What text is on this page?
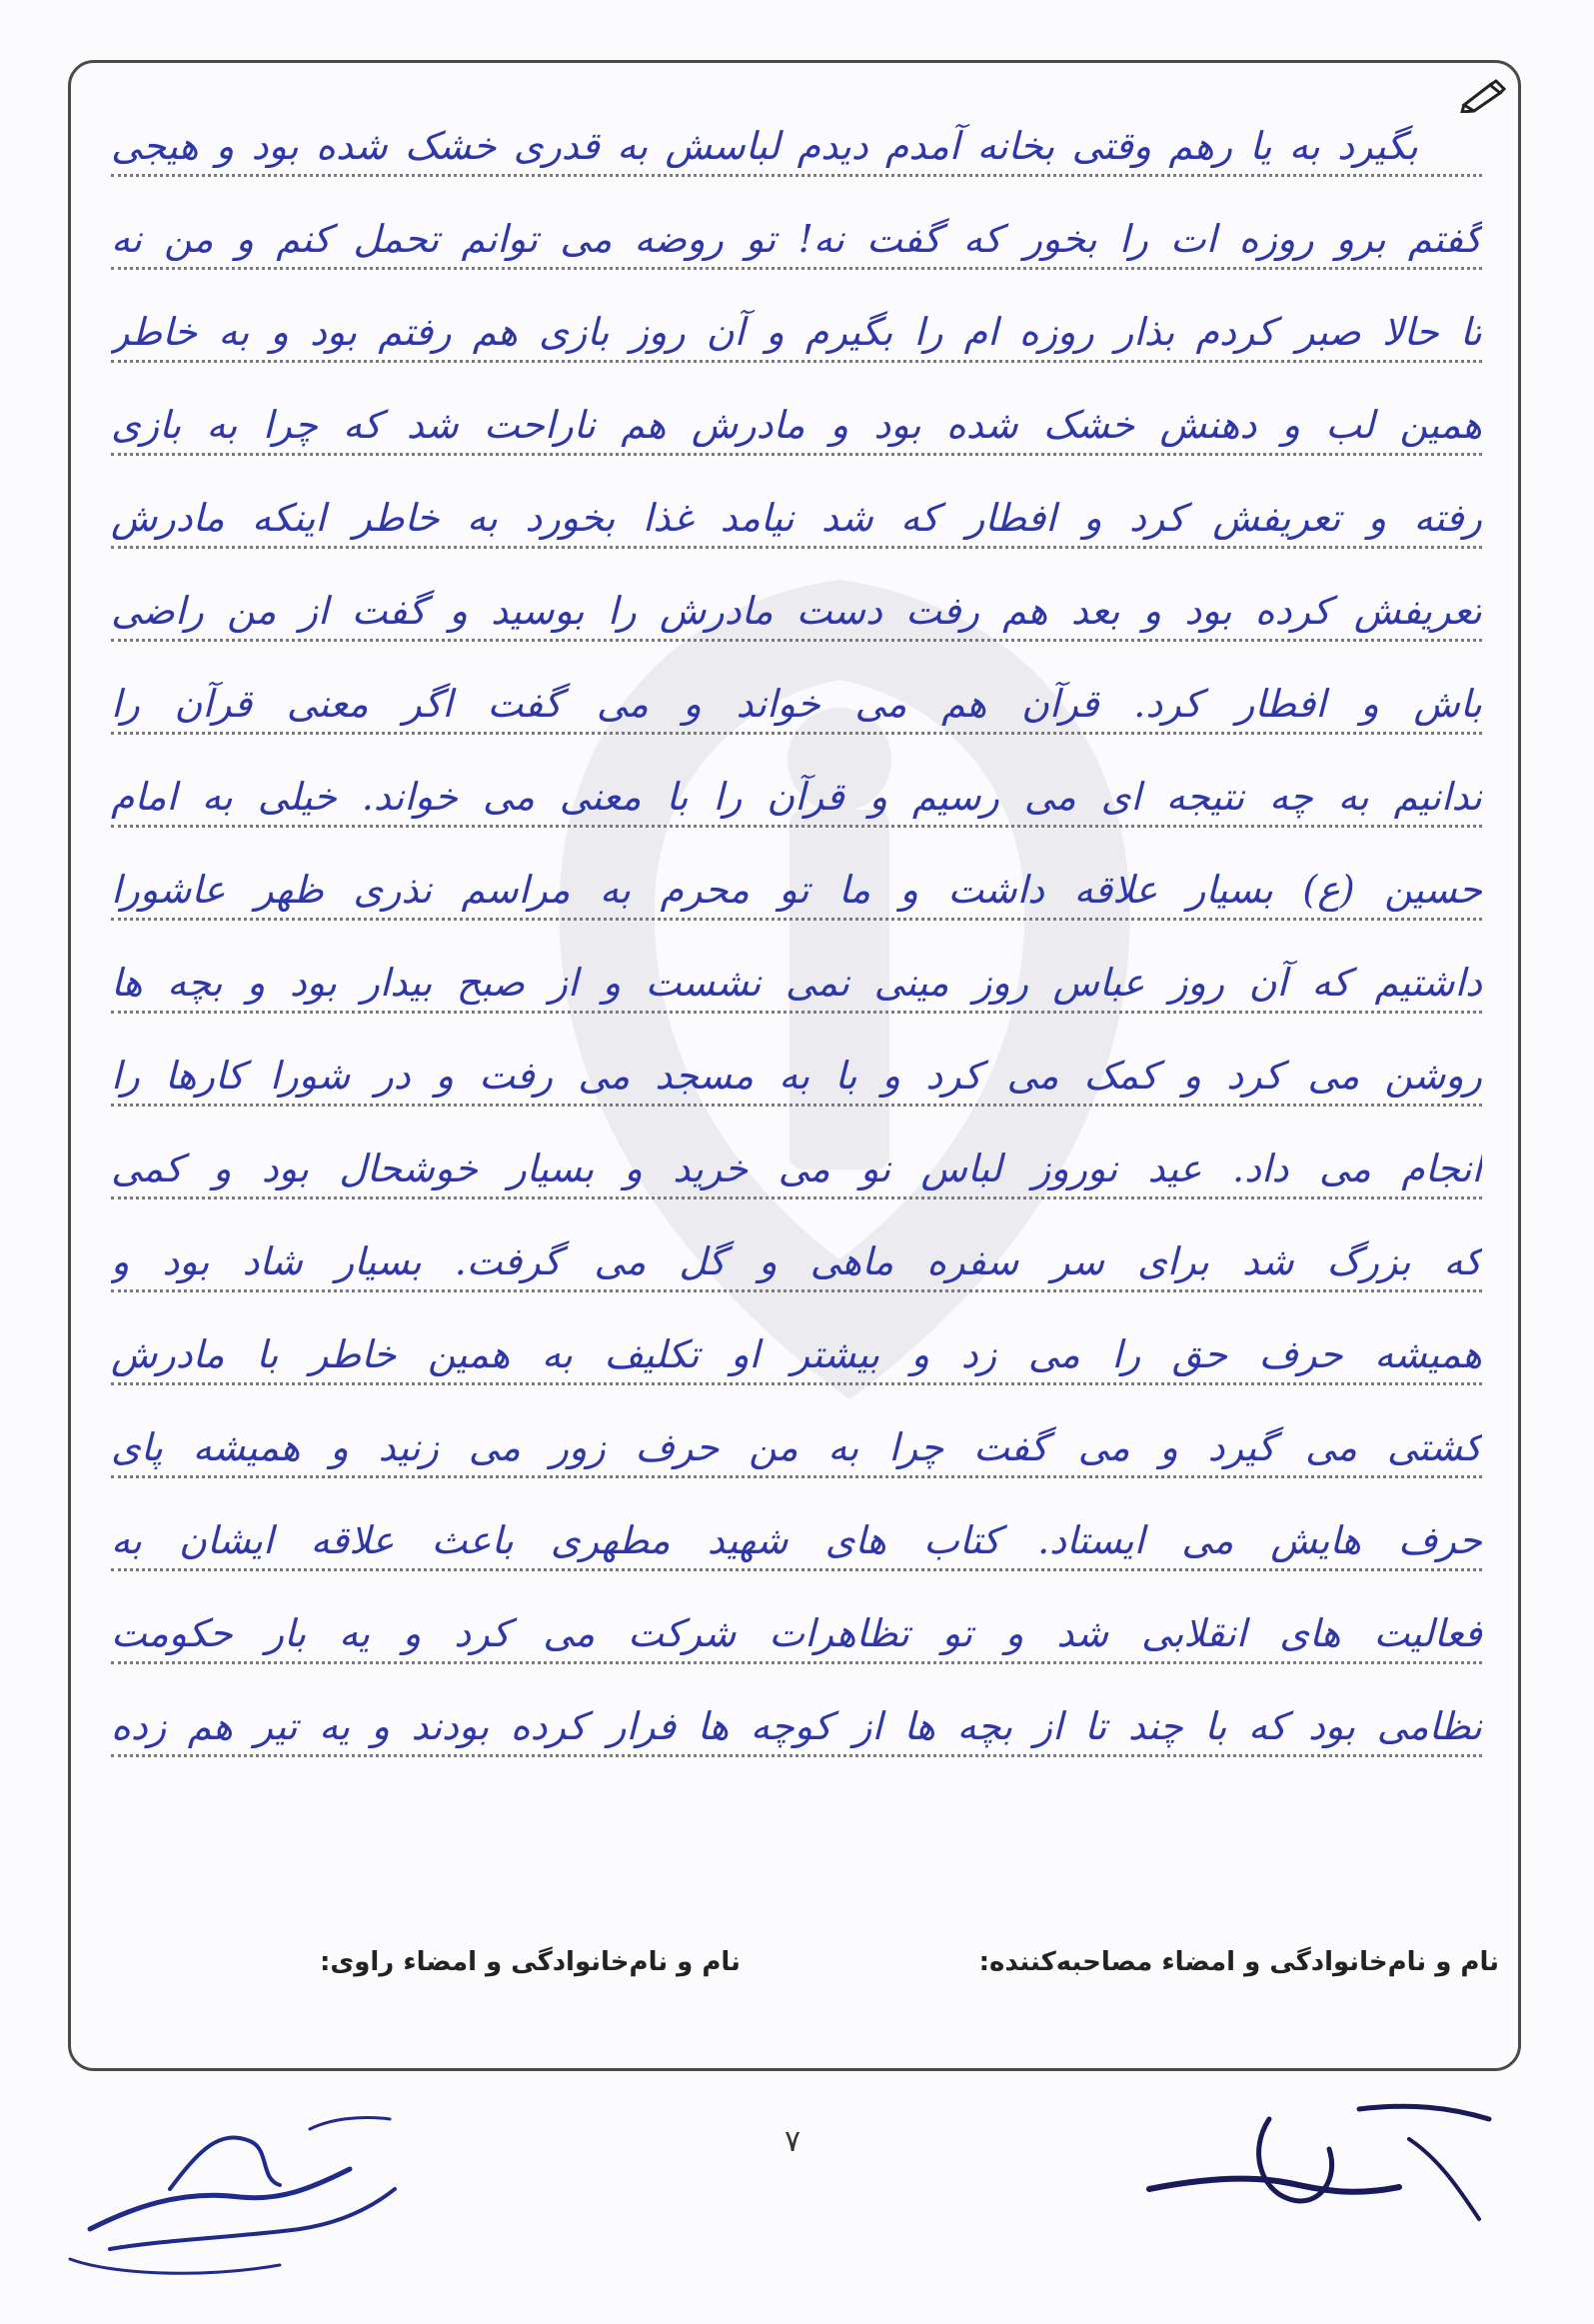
بگیرد به یا رهم وقتی بخانه آمدم دیدم لباسش به قدری خشک شده بود و هیجی
گفتم برو روزه ات را بخور که گفت نه! تو روضه می توانم تحمل کنم و من نه
تا حالا صبر کردم بذار روزه ام را بگیرم و آن روز بازی هم رفتم بود و به خاطر
همین لب و دهنش خشک شده بود و مادرش هم ناراحت شد که چرا به بازی
رفته و تعریفش کرد و افطار که شد نیامد غذا بخورد به خاطر اینکه مادرش
تعریفش کرده بود و بعد هم رفت دست مادرش را بوسید و گفت از من راضی
باش و افطار کرد. قرآن هم می خواند و می گفت اگر معنی قرآن را
ندانیم به چه نتیجه ای می رسیم و قرآن را با معنی می خواند. خیلی به امام
حسین (ع) بسیار علاقه داشت و ما تو محرم به مراسم نذری ظهر عاشورا
داشتیم که آن روز عباس روز مینی نمی نشست و از صبح بیدار بود و بچه ها
روشن می کرد و کمک می کرد و با به مسجد می رفت و در شورا کارها را
انجام می داد. عید نوروز لباس نو می خرید و بسیار خوشحال بود و کمی
که بزرگ شد برای سر سفره ماهی و گل می گرفت. بسیار شاد بود و
همیشه حرف حق را می زد و بیشتر او تکلیف به همین خاطر با مادرش
کشتی می گیرد و می گفت چرا به من حرف زور می زنید و همیشه پای
حرف هایش می ایستاد. کتاب های شهید مطهری باعث علاقه ایشان به
فعالیت های انقلابی شد و تو تظاهرات شرکت می کرد و یه بار حکومت
نظامی بود که با چند تا از بچه ها از کوچه ها فرار کرده بودند و یه تیر هم زده
نام و نام‌خانوادگی و امضاء مصاحبه‌کننده:
نام و نام‌خانوادگی و امضاء راوی:
۷
